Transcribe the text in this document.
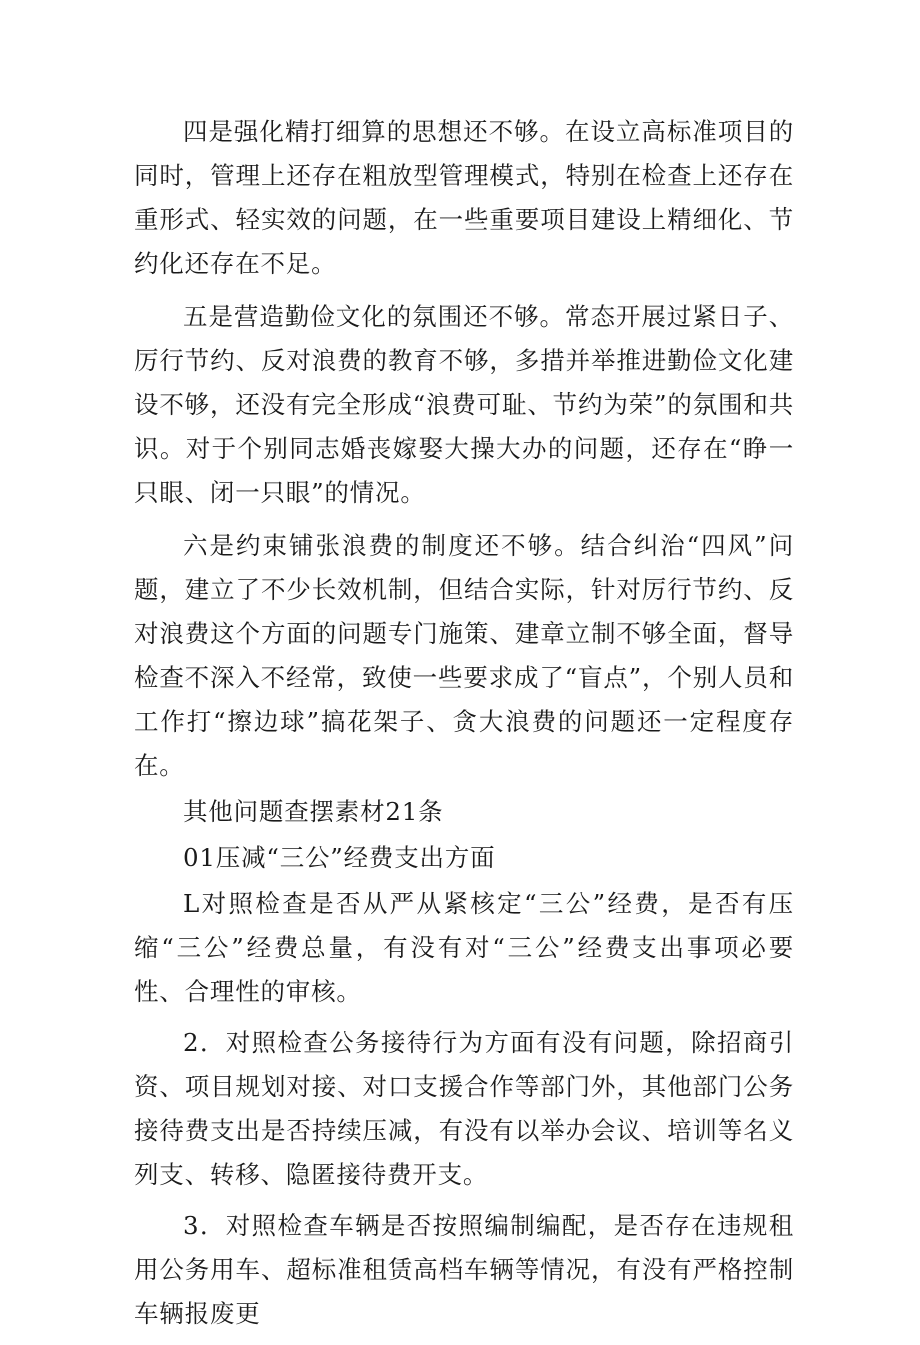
四是强化精打细算的思想还不够。在设立高标准项目的同时，管理上还存在粗放型管理模式，特别在检查上还存在重形式、轻实效的问题，在一些重要项目建设上精细化、节约化还存在不足。

五是营造勤俭文化的氛围还不够。常态开展过紧日子、厉行节约、反对浪费的教育不够，多措并举推进勤俭文化建设不够，还没有完全形成“浪费可耻、节约为荣”的氛围和共识。对于个别同志婚丧嫁娶大操大办的问题，还存在“睁一只眼、闭一只眼”的情况。

六是约束铺张浪费的制度还不够。结合纠治“四风”问题，建立了不少长效机制，但结合实际，针对厉行节约、反对浪费这个方面的问题专门施策、建章立制不够全面，督导检查不深入不经常，致使一些要求成了“盲点”，个别人员和工作打“擦边球”搞花架子、贪大浪费的问题还一定程度存在。

其他问题查摆素材21条

01压减“三公”经费支出方面

L对照检查是否从严从紧核定“三公”经费，是否有压缩“三公”经费总量，有没有对“三公”经费支出事项必要性、合理性的审核。

2．对照检查公务接待行为方面有没有问题，除招商引资、项目规划对接、对口支援合作等部门外，其他部门公务接待费支出是否持续压减，有没有以举办会议、培训等名义列支、转移、隐匿接待费开支。

3．对照检查车辆是否按照编制编配，是否存在违规租用公务用车、超标准租赁高档车辆等情况，有没有严格控制车辆报废更
